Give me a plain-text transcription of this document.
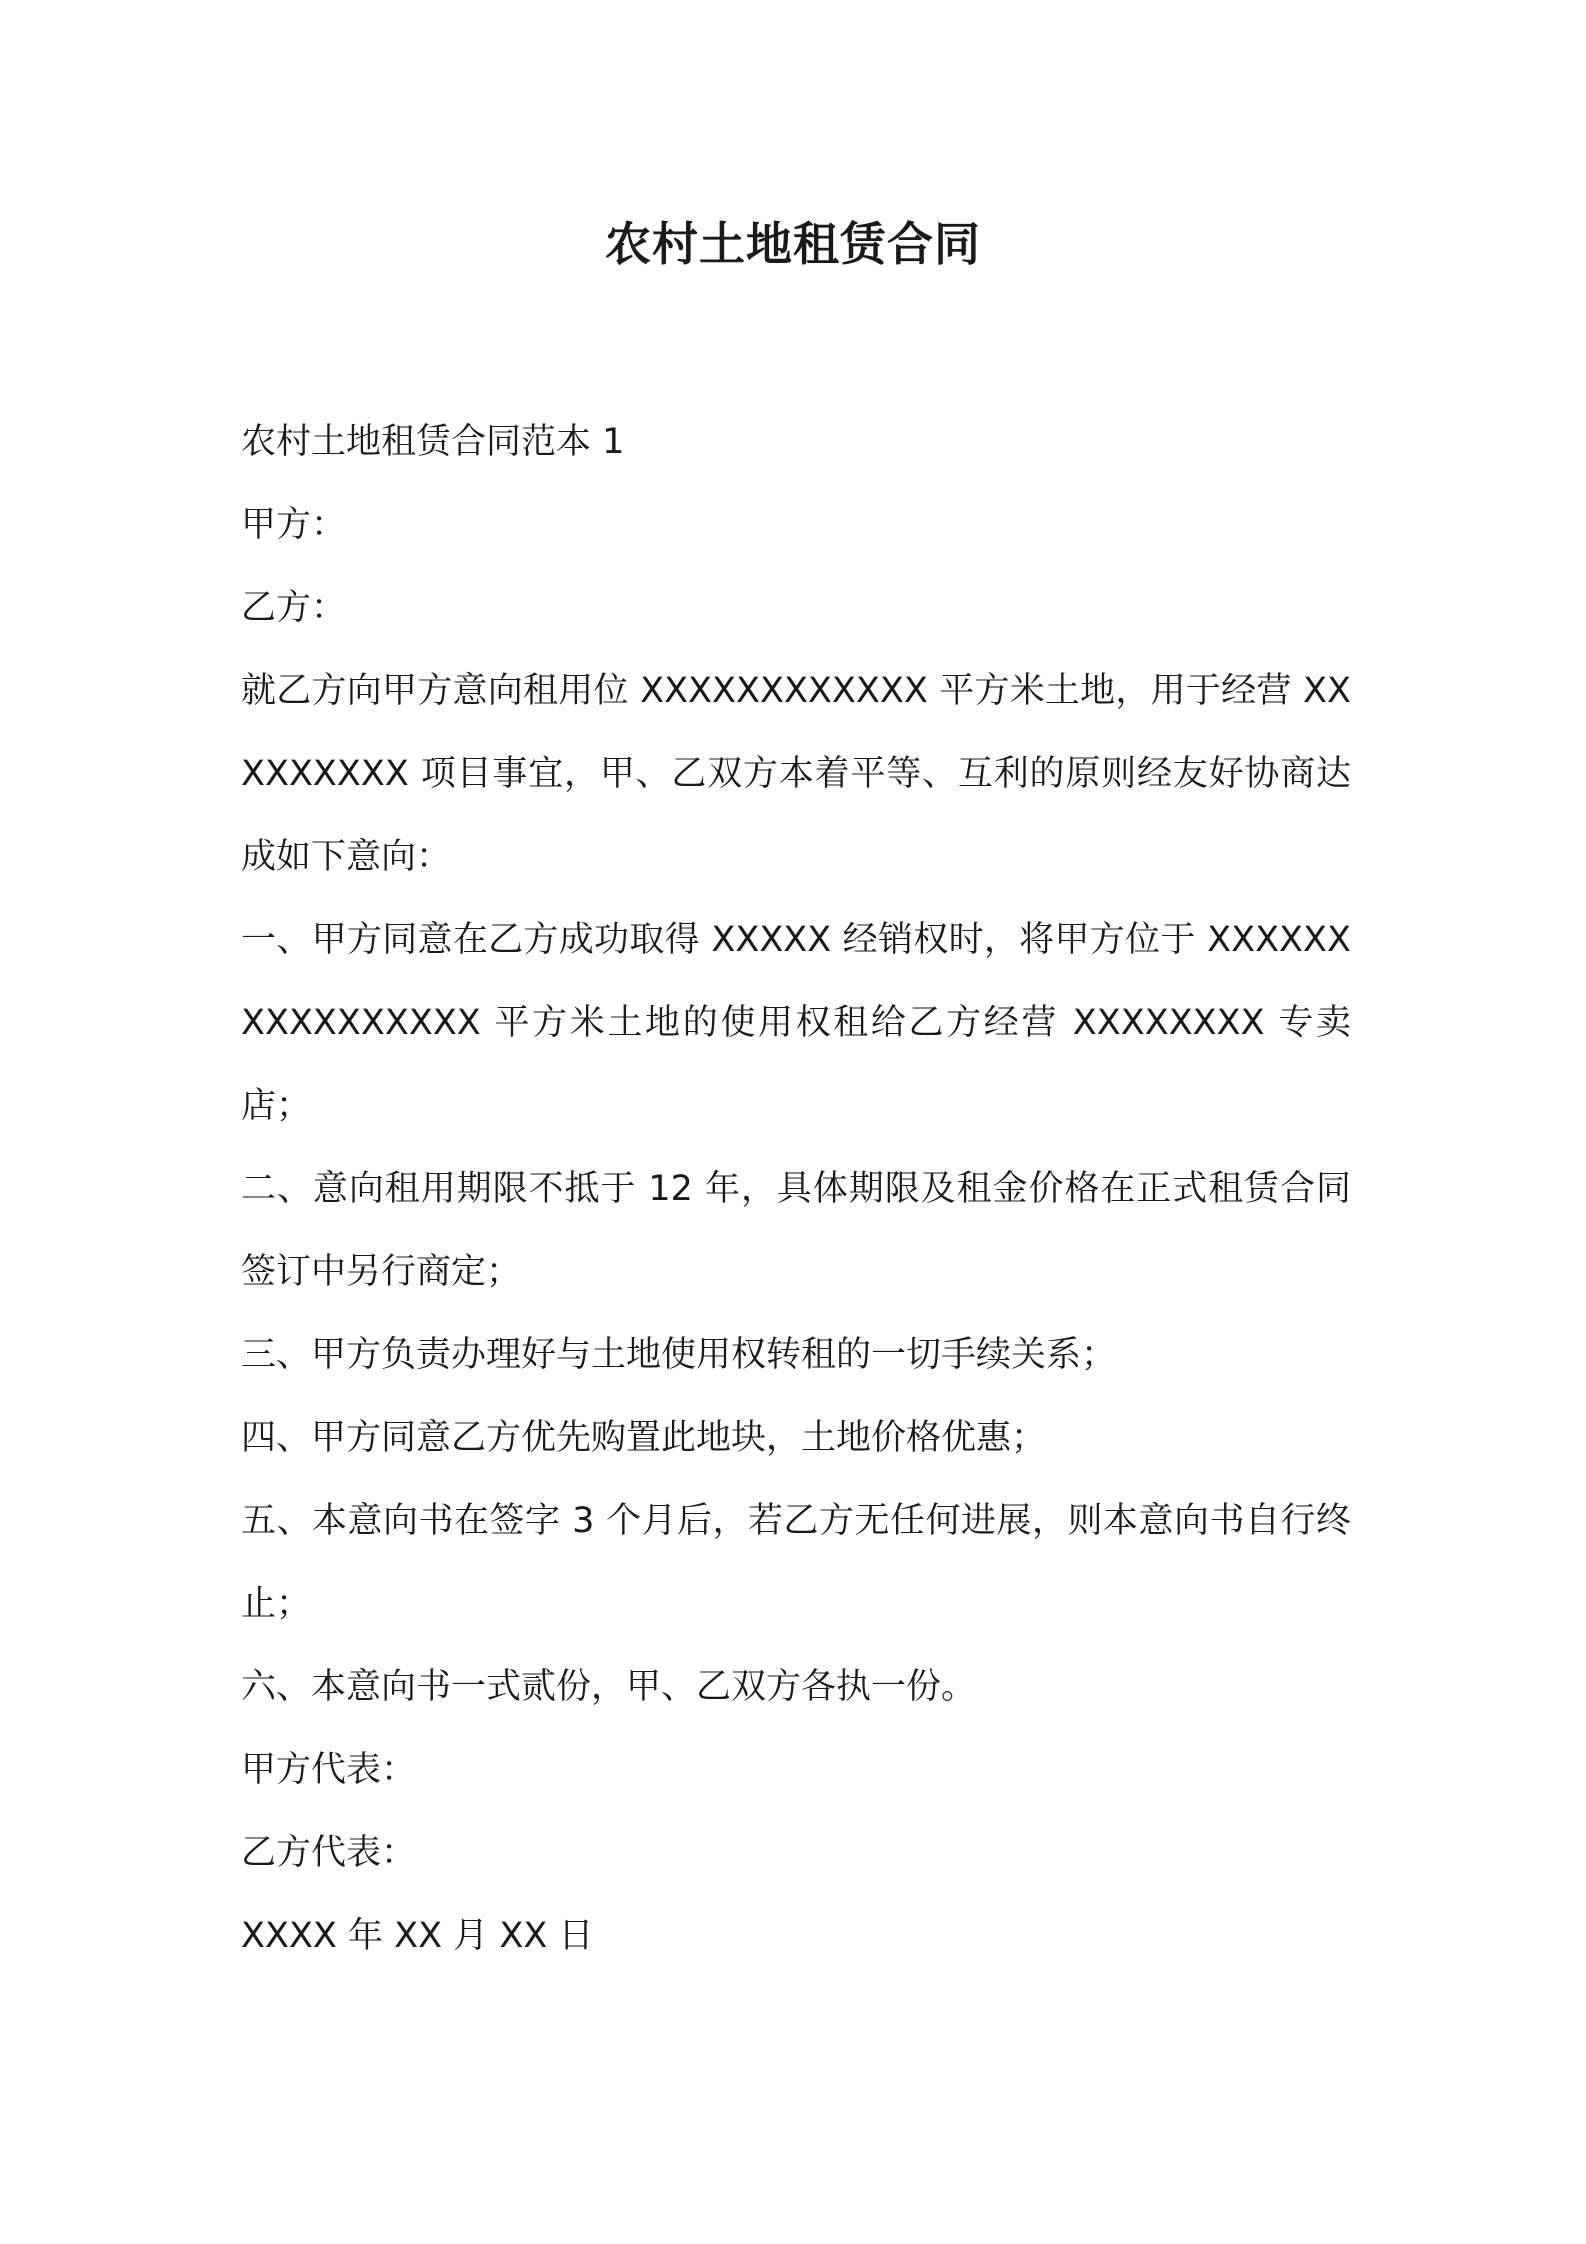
农村土地租赁合同

农村土地租赁合同范本 1

甲方：

乙方：

就乙方向甲方意向租用位 XXXXXXXXXXXX 平方米土地，用于经营 XXXXXXXXX 项目事宜，甲、乙双方本着平等、互利的原则经友好协商达成如下意向：

一、甲方同意在乙方成功取得 XXXXX 经销权时，将甲方位于 XXXXXXXXXXXXXXXX 平方米土地的使用权租给乙方经营 XXXXXXXX 专卖店；

二、意向租用期限不抵于 12 年，具体期限及租金价格在正式租赁合同签订中另行商定；

三、甲方负责办理好与土地使用权转租的一切手续关系；

四、甲方同意乙方优先购置此地块，土地价格优惠；

五、本意向书在签字 3 个月后，若乙方无任何进展，则本意向书自行终止；

六、本意向书一式贰份，甲、乙双方各执一份。

甲方代表：

乙方代表：

XXXX 年 XX 月 XX 日
